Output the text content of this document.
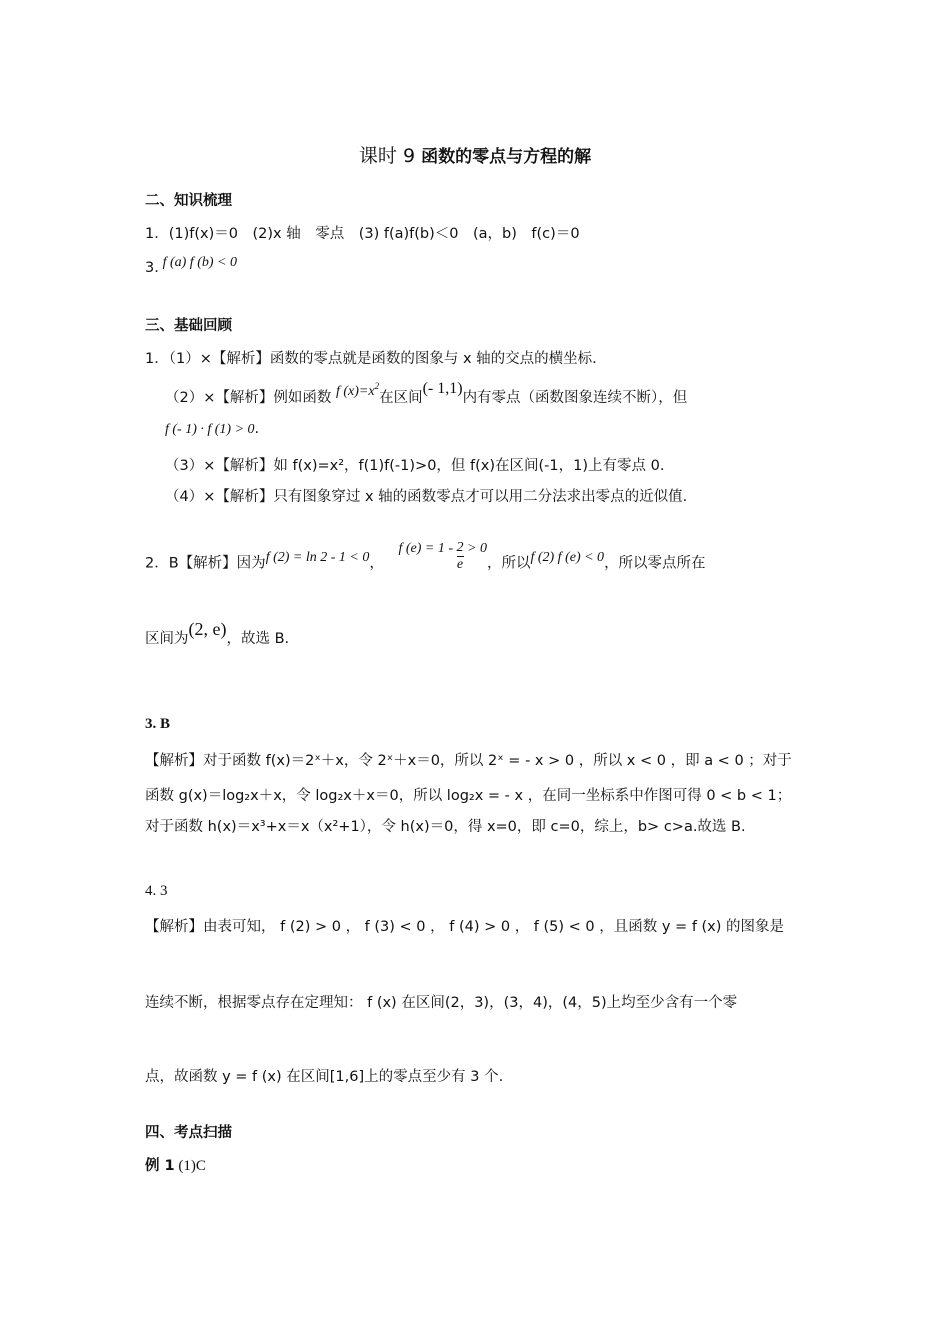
课时 9 函数的零点与方程的解
二、知识梳理
1．(1)f(x)＝0　(2)x 轴　零点　(3) f(a)f(b)＜0　(a，b)　f(c)＝0
3. f (a) f (b) < 0
三、基础回顾
1．（1）×【解析】函数的零点就是函数的图象与 x 轴的交点的横坐标.
（2）×【解析】例如函数 f $(x)=x^2$在区间(- 1,1)内有零点（函数图象连续不断），但
f (- 1) · f (1) > 0.
（3）×【解析】如 f(x)=x²，f(1)f(-1)>0，但 f(x)在区间(-1，1)上有零点 0.
（4）×【解析】只有图象穿过 x 轴的函数零点才可以用二分法求出零点的近似值.
2．B【解析】因为f (2) = ln 2 - 1 < 0， f $(e) = 1 - \frac{2}{e} > 0$，所以f (2) f (e) < 0，所以零点所在
区间为(2, e)，故选 B.
3. B
【解析】对于函数 f(x)＝2ˣ＋x，令 2ˣ＋x＝0，所以 2ˣ = - x > 0 ，所以 x < 0 ，即 a < 0 ；对于
函数 g(x)＝log₂x＋x，令 log₂x＋x＝0，所以 log₂x = - x ，在同一坐标系中作图可得 0 < b < 1；
对于函数 h(x)＝x³+x＝x（x²+1），令 h(x)＝0，得 x=0，即 c=0，综上，b> c>a.故选 B.
4. 3
【解析】由表可知， f (2) > 0 ， f (3) < 0 ， f (4) > 0 ， f (5) < 0 ，且函数 y = f (x) 的图象是
连续不断，根据零点存在定理知： f (x) 在区间(2，3)，(3，4)，(4，5)上均至少含有一个零
点，故函数 y = f (x) 在区间[1,6]上的零点至少有 3 个.
四、考点扫描
例 1 (1)C
